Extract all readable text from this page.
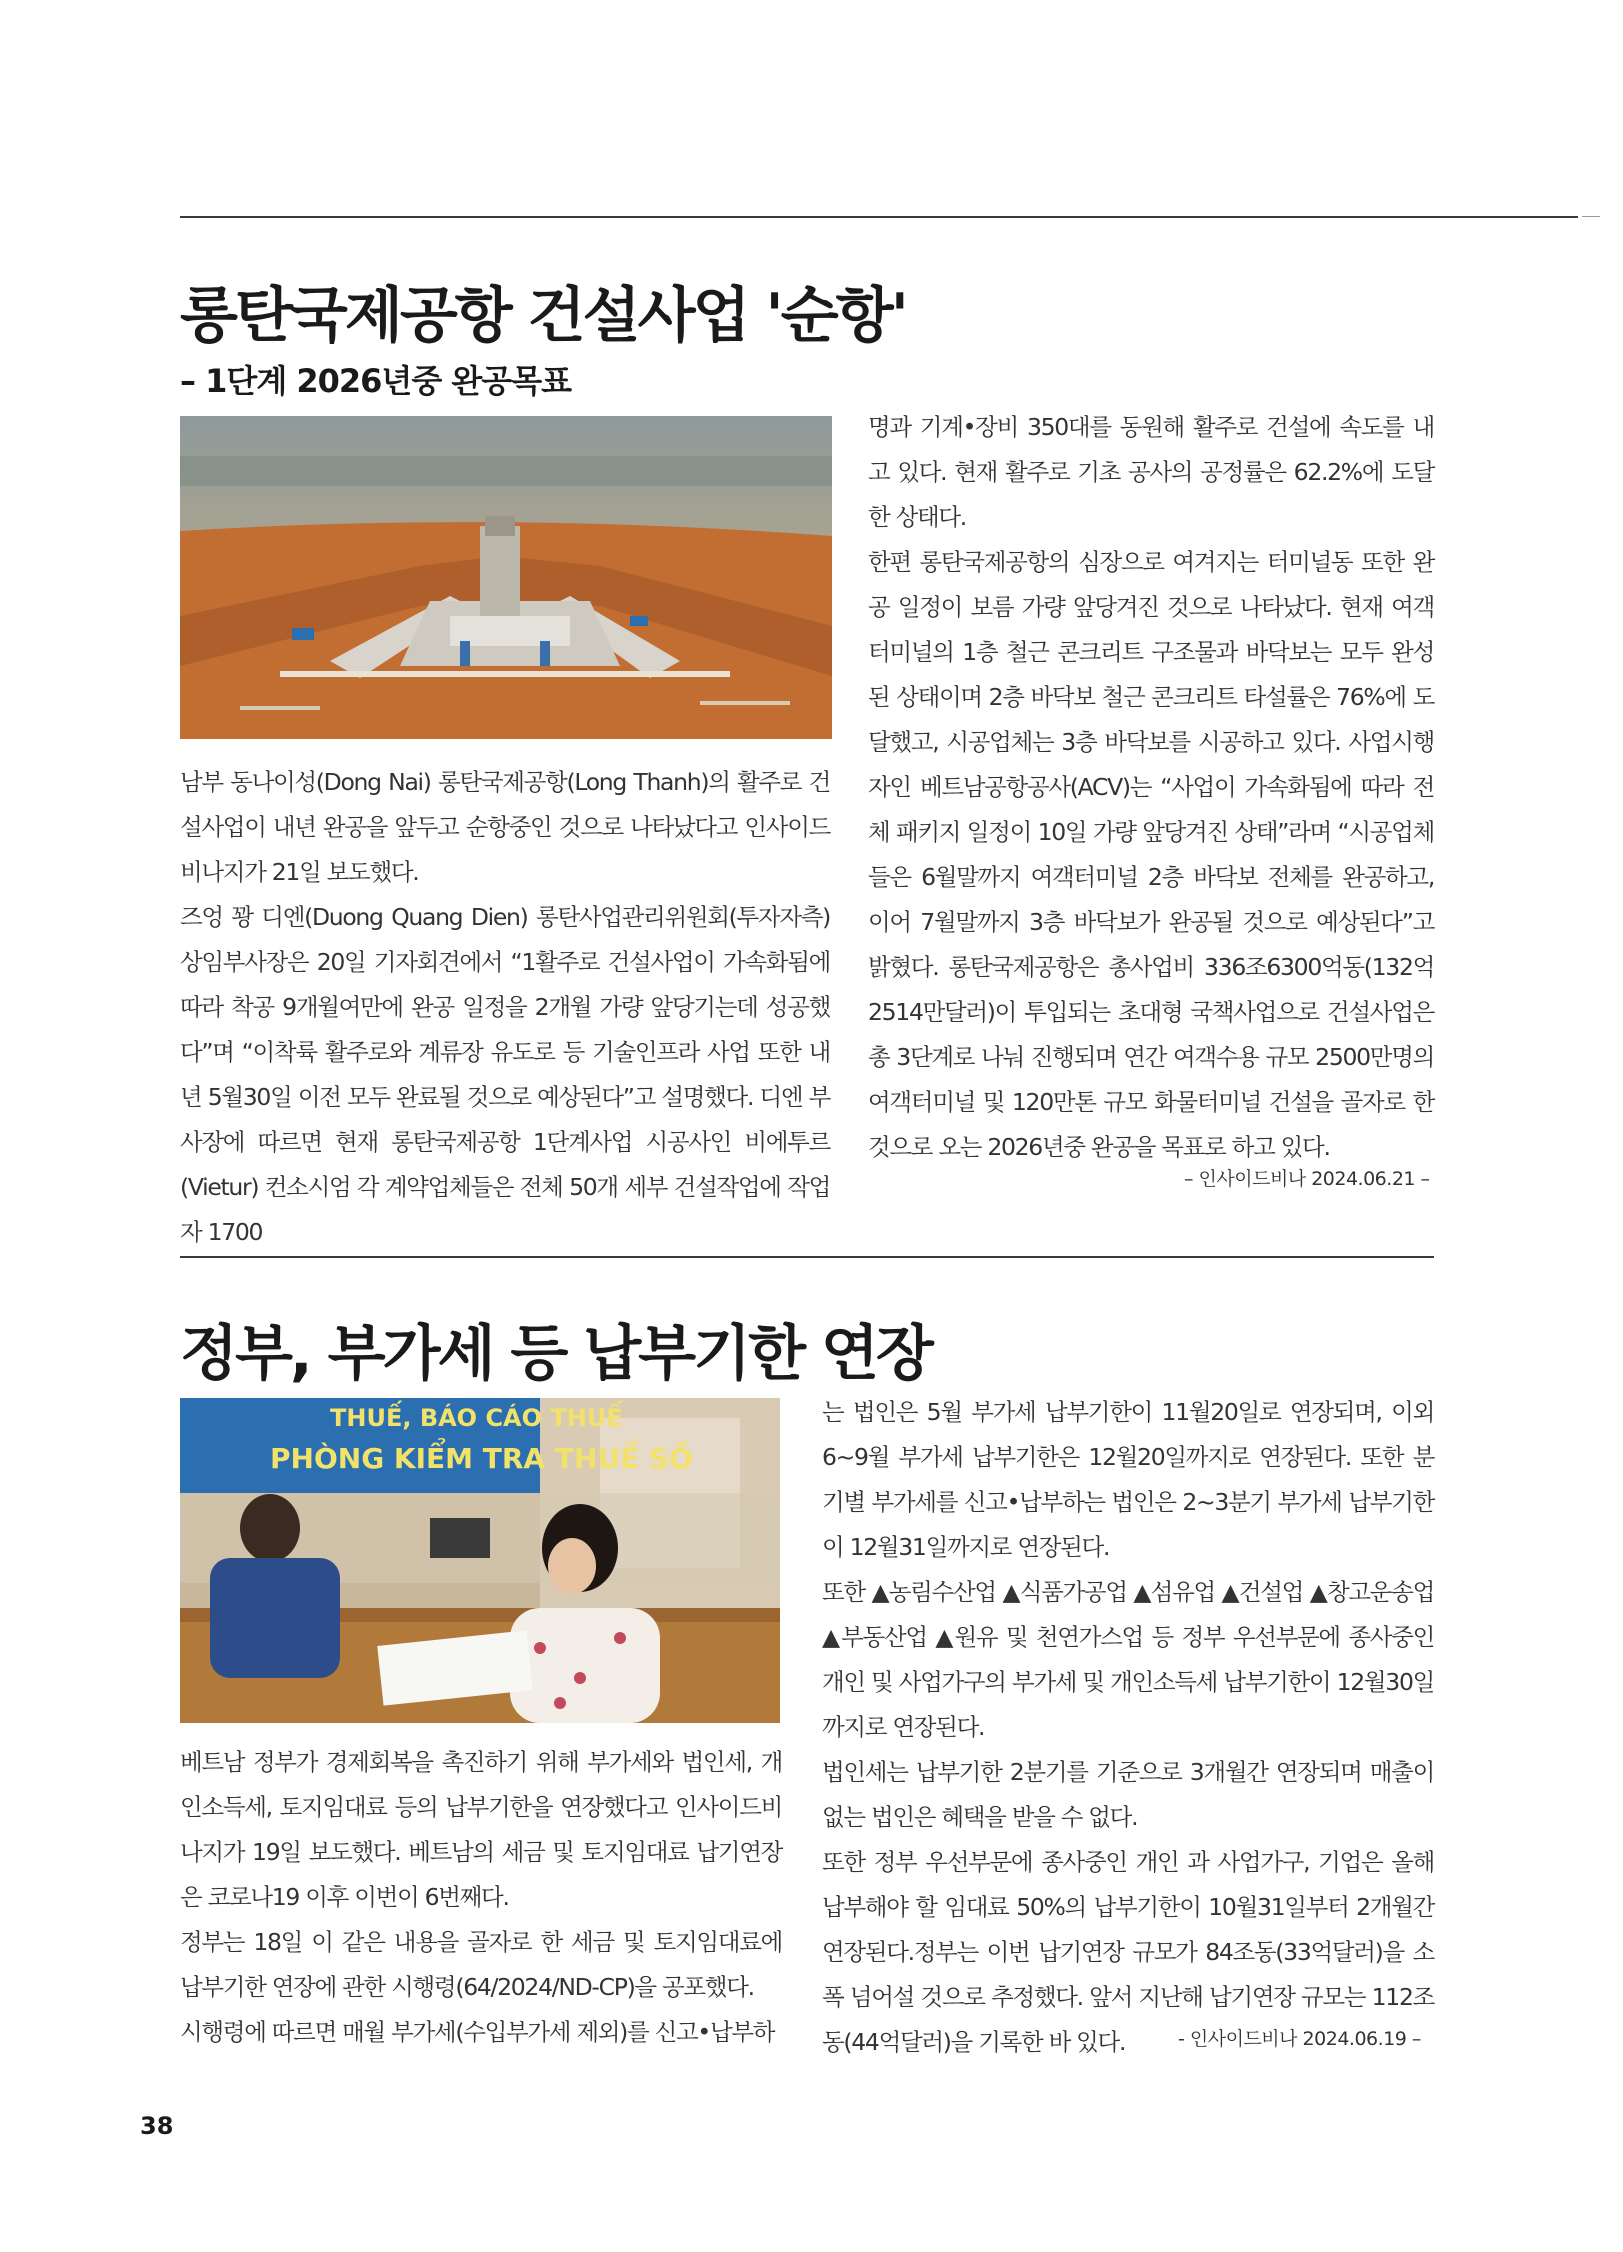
롱탄국제공항 건설사업 '순항'
– 1단계 2026년중 완공목표

남부 동나이성(Dong Nai) 롱탄국제공항(Long Thanh)의 활주로 건설사업이 내년 완공을 앞두고 순항중인 것으로 나타났다고 인사이드비나지가 21일 보도했다.

즈엉 꽝 디엔(Duong Quang Dien) 롱탄사업관리위원회(투자자측) 상임부사장은 20일 기자회견에서 “1활주로 건설사업이 가속화됨에 따라 착공 9개월여만에 완공 일정을 2개월 가량 앞당기는데 성공했다”며 “이착륙 활주로와 계류장 유도로 등 기술인프라 사업 또한 내년 5월30일 이전 모두 완료될 것으로 예상된다”고 설명했다. 디엔 부사장에 따르면 현재 롱탄국제공항 1단계사업 시공사인 비에투르(Vietur) 컨소시엄 각 계약업체들은 전체 50개 세부 건설작업에 작업자 1700

명과 기계•장비 350대를 동원해 활주로 건설에 속도를 내고 있다. 현재 활주로 기초 공사의 공정률은 62.2%에 도달한 상태다.

한편 롱탄국제공항의 심장으로 여겨지는 터미널동 또한 완공 일정이 보름 가량 앞당겨진 것으로 나타났다. 현재 여객터미널의 1층 철근 콘크리트 구조물과 바닥보는 모두 완성된 상태이며 2층 바닥보 철근 콘크리트 타설률은 76%에 도달했고, 시공업체는 3층 바닥보를 시공하고 있다. 사업시행자인 베트남공항공사(ACV)는 “사업이 가속화됨에 따라 전체 패키지 일정이 10일 가량 앞당겨진 상태”라며 “시공업체들은 6월말까지 여객터미널 2층 바닥보 전체를 완공하고, 이어 7월말까지 3층 바닥보가 완공될 것으로 예상된다”고 밝혔다. 롱탄국제공항은 총사업비 336조6300억동(132억2514만달러)이 투입되는 초대형 국책사업으로 건설사업은 총 3단계로 나눠 진행되며 연간 여객수용 규모 2500만명의 여객터미널 및 120만톤 규모 화물터미널 건설을 골자로 한 것으로 오는 2026년중 완공을 목표로 하고 있다.

– 인사이드비나 2024.06.21 –
정부, 부가세 등 납부기한 연장
THUẾ, BÁO CÁO THUẾ
PHÒNG KIỂM TRA THUẾ SỐ

베트남 정부가 경제회복을 촉진하기 위해 부가세와 법인세, 개인소득세, 토지임대료 등의 납부기한을 연장했다고 인사이드비나지가 19일 보도했다. 베트남의 세금 및 토지임대료 납기연장은 코로나19 이후 이번이 6번째다.

정부는 18일 이 같은 내용을 골자로 한 세금 및 토지임대료에 납부기한 연장에 관한 시행령(64/2024/ND-CP)을 공포했다.

시행령에 따르면 매월 부가세(수입부가세 제외)를 신고•납부하

는 법인은 5월 부가세 납부기한이 11월20일로 연장되며, 이외 6~9월 부가세 납부기한은 12월20일까지로 연장된다. 또한 분기별 부가세를 신고•납부하는 법인은 2~3분기 부가세 납부기한이 12월31일까지로 연장된다.

또한 ▲농림수산업 ▲식품가공업 ▲섬유업 ▲건설업 ▲창고운송업 ▲부동산업 ▲원유 및 천연가스업 등 정부 우선부문에 종사중인 개인 및 사업가구의 부가세 및 개인소득세 납부기한이 12월30일까지로 연장된다.

법인세는 납부기한 2분기를 기준으로 3개월간 연장되며 매출이 없는 법인은 혜택을 받을 수 없다.

또한 정부 우선부문에 종사중인 개인 과 사업가구, 기업은 올해 납부해야 할 임대료 50%의 납부기한이 10월31일부터 2개월간 연장된다.정부는 이번 납기연장 규모가 84조동(33억달러)을 소폭 넘어설 것으로 추정했다. 앞서 지난해 납기연장 규모는 112조동(44억달러)을 기록한 바 있다.	- 인사이드비나 2024.06.19 –
38
